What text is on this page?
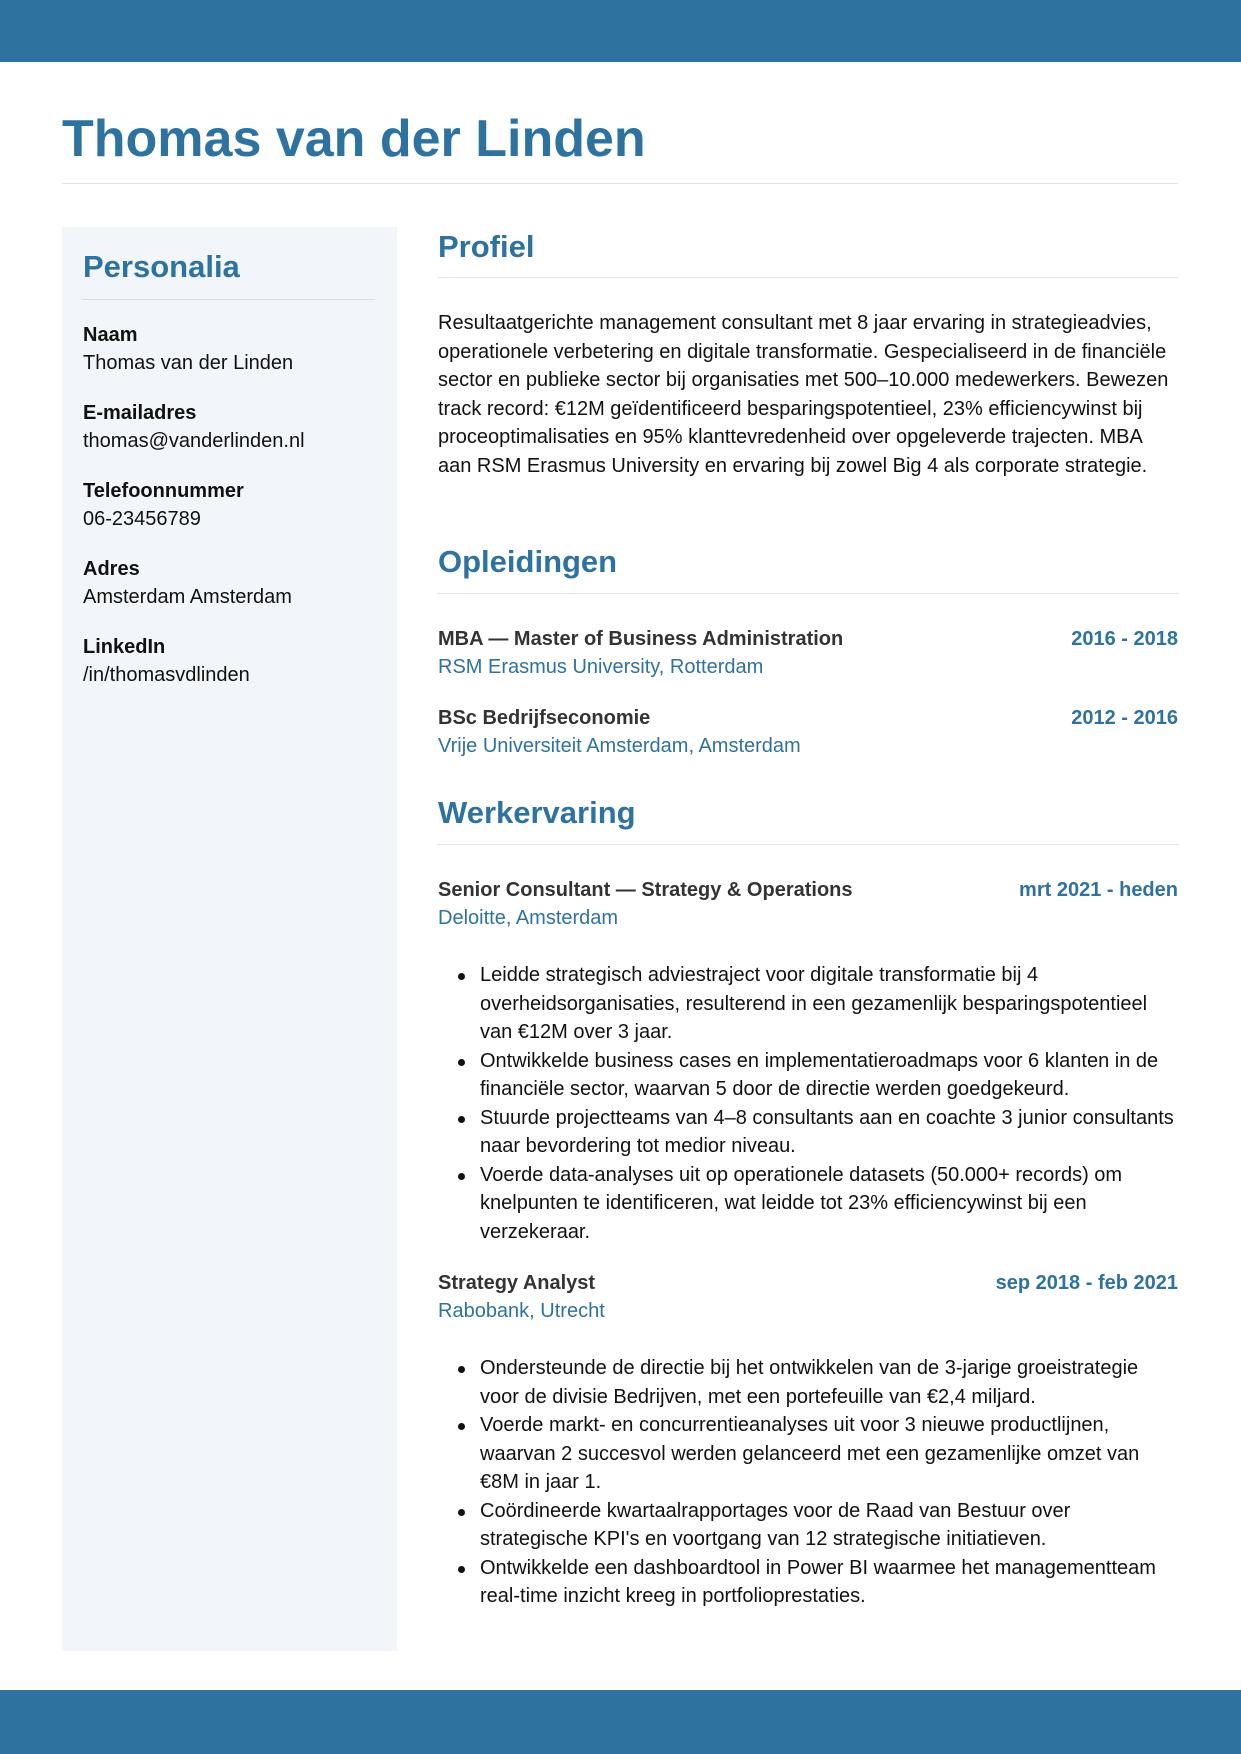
Thomas van der Linden
Personalia
Naam
Thomas van der Linden
E-mailadres
thomas@vanderlinden.nl
Telefoonnummer
06-23456789
Adres
Amsterdam Amsterdam
LinkedIn
/in/thomasvdlinden
Profiel

Resultaatgerichte management consultant met 8 jaar ervaring in strategieadvies, operationele verbetering en digitale transformatie. Gespecialiseerd in de financiële sector en publieke sector bij organisaties met 500–10.000 medewerkers. Bewezen track record: €12M geïdentificeerd besparingspotentieel, 23% efficiencywinst bij proceoptimalisaties en 95% klanttevredenheid over opgeleverde trajecten. MBA aan RSM Erasmus University en ervaring bij zowel Big 4 als corporate strategie.

Opleidingen
MBA — Master of Business Administration	2016 - 2018
RSM Erasmus University, Rotterdam
BSc Bedrijfseconomie	2012 - 2016
Vrije Universiteit Amsterdam, Amsterdam
Werkervaring
Senior Consultant — Strategy & Operations	mrt 2021 - heden
Deloitte, Amsterdam
Leidde strategisch adviestraject voor digitale transformatie bij 4 overheidsorganisaties, resulterend in een gezamenlijk besparingspotentieel van €12M over 3 jaar.
Ontwikkelde business cases en implementatieroadmaps voor 6 klanten in de financiële sector, waarvan 5 door de directie werden goedgekeurd.
Stuurde projectteams van 4–8 consultants aan en coachte 3 junior consultants naar bevordering tot medior niveau.
Voerde data-analyses uit op operationele datasets (50.000+ records) om knelpunten te identificeren, wat leidde tot 23% efficiencywinst bij een verzekeraar.
Strategy Analyst	sep 2018 - feb 2021
Rabobank, Utrecht
Ondersteunde de directie bij het ontwikkelen van de 3-jarige groeistrategie voor de divisie Bedrijven, met een portefeuille van €2,4 miljard.
Voerde markt- en concurrentieanalyses uit voor 3 nieuwe productlijnen, waarvan 2 succesvol werden gelanceerd met een gezamenlijke omzet van €8M in jaar 1.
Coördineerde kwartaalrapportages voor de Raad van Bestuur over strategische KPI's en voortgang van 12 strategische initiatieven.
Ontwikkelde een dashboardtool in Power BI waarmee het managementteam real-time inzicht kreeg in portfolioprestaties.
